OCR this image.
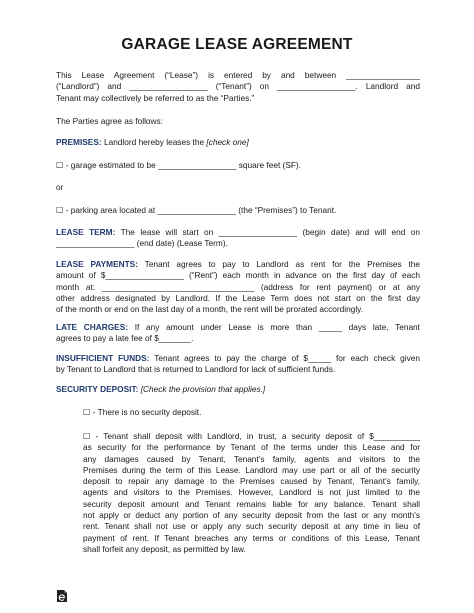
GARAGE LEASE AGREEMENT
This Lease Agreement (“Lease”) is entered by and between ________________
(“Landlord”) and _________________ (“Tenant”) on _________________. Landlord and
Tenant may collectively be referred to as the “Parties.”
The Parties agree as follows:
PREMISES: Landlord hereby leases the [check one]
☐ - garage estimated to be _________________ square feet (SF).
or
☐ - parking area located at _________________ (the “Premises”) to Tenant.
LEASE TERM: The lease will start on _________________ (begin date) and will end on
_________________ (end date) (Lease Term).
LEASE PAYMENTS: Tenant agrees to pay to Landlord as rent for the Premises the
amount of $_________________ (“Rent”) each month in advance on the first day of each
month at: _________________________________ (address for rent payment) or at any
other address designated by Landlord. If the Lease Term does not start on the first day
of the month or end on the last day of a month, the rent will be prorated accordingly.
LATE CHARGES: If any amount under Lease is more than _____ days late, Tenant
agrees to pay a late fee of $_______.
INSUFFICIENT FUNDS: Tenant agrees to pay the charge of $_____ for each check given
by Tenant to Landlord that is returned to Landlord for lack of sufficient funds.
SECURITY DEPOSIT: [Check the provision that applies.]
☐ - There is no security deposit.
☐ - Tenant shall deposit with Landlord, in trust, a security deposit of $__________
as security for the performance by Tenant of the terms under this Lease and for
any damages caused by Tenant, Tenant’s family, agents and visitors to the
Premises during the term of this Lease. Landlord may use part or all of the security
deposit to repair any damage to the Premises caused by Tenant, Tenant’s family,
agents and visitors to the Premises. However, Landlord is not just limited to the
security deposit amount and Tenant remains liable for any balance. Tenant shall
not apply or deduct any portion of any security deposit from the last or any month's
rent. Tenant shall not use or apply any such security deposit at any time in lieu of
payment of rent. If Tenant breaches any terms or conditions of this Lease, Tenant
shall forfeit any deposit, as permitted by law.
